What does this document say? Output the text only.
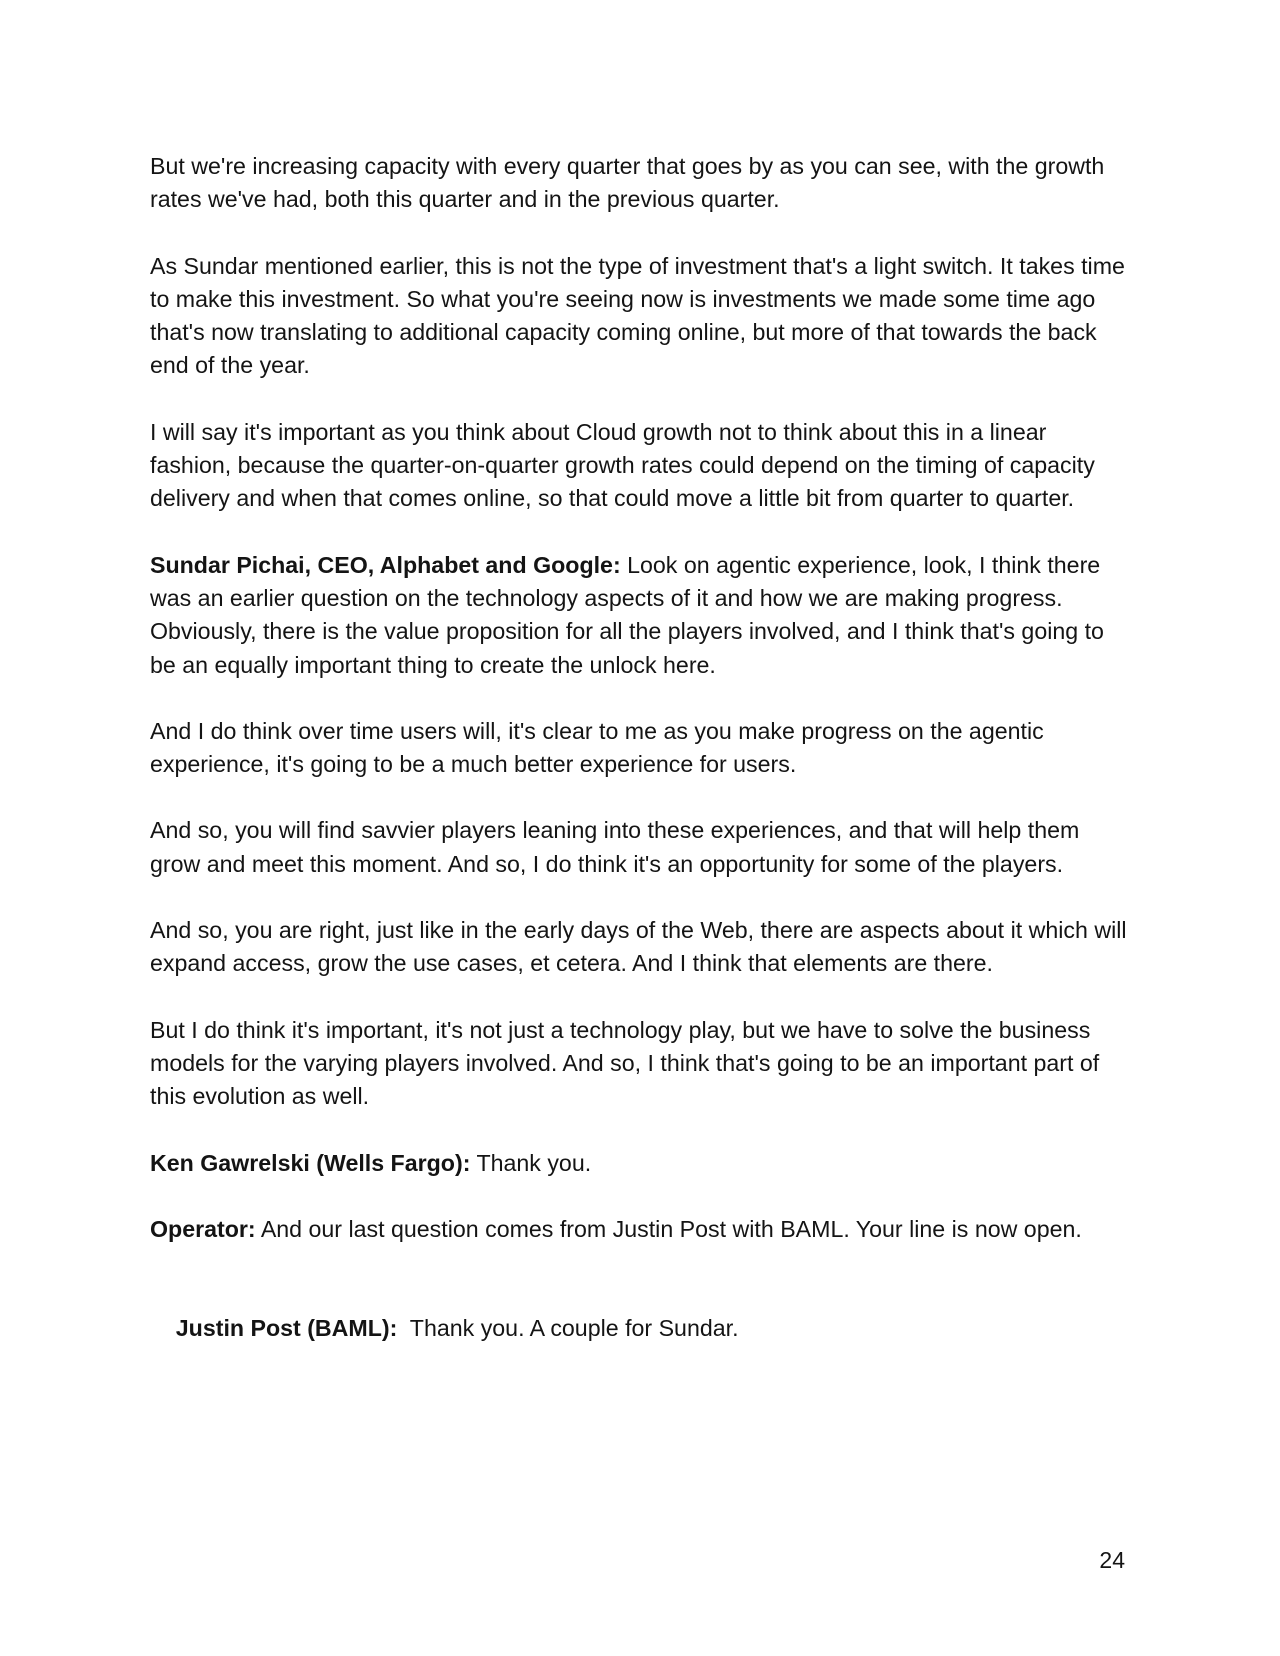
But we're increasing capacity with every quarter that goes by as you can see, with the growth rates we've had, both this quarter and in the previous quarter.

As Sundar mentioned earlier, this is not the type of investment that's a light switch. It takes time to make this investment. So what you're seeing now is investments we made some time ago that's now translating to additional capacity coming online, but more of that towards the back end of the year.

I will say it's important as you think about Cloud growth not to think about this in a linear fashion, because the quarter-on-quarter growth rates could depend on the timing of capacity delivery and when that comes online, so that could move a little bit from quarter to quarter.

Sundar Pichai, CEO, Alphabet and Google: Look on agentic experience, look, I think there was an earlier question on the technology aspects of it and how we are making progress. Obviously, there is the value proposition for all the players involved, and I think that's going to be an equally important thing to create the unlock here.

And I do think over time users will, it's clear to me as you make progress on the agentic experience, it's going to be a much better experience for users.

And so, you will find savvier players leaning into these experiences, and that will help them grow and meet this moment. And so, I do think it's an opportunity for some of the players.

And so, you are right, just like in the early days of the Web, there are aspects about it which will expand access, grow the use cases, et cetera. And I think that elements are there.

But I do think it's important, it's not just a technology play, but we have to solve the business models for the varying players involved. And so, I think that's going to be an important part of this evolution as well.

Ken Gawrelski (Wells Fargo): Thank you.

Operator: And our last question comes from Justin Post with BAML. Your line is now open.

Justin Post (BAML):  Thank you. A couple for Sundar.

24
